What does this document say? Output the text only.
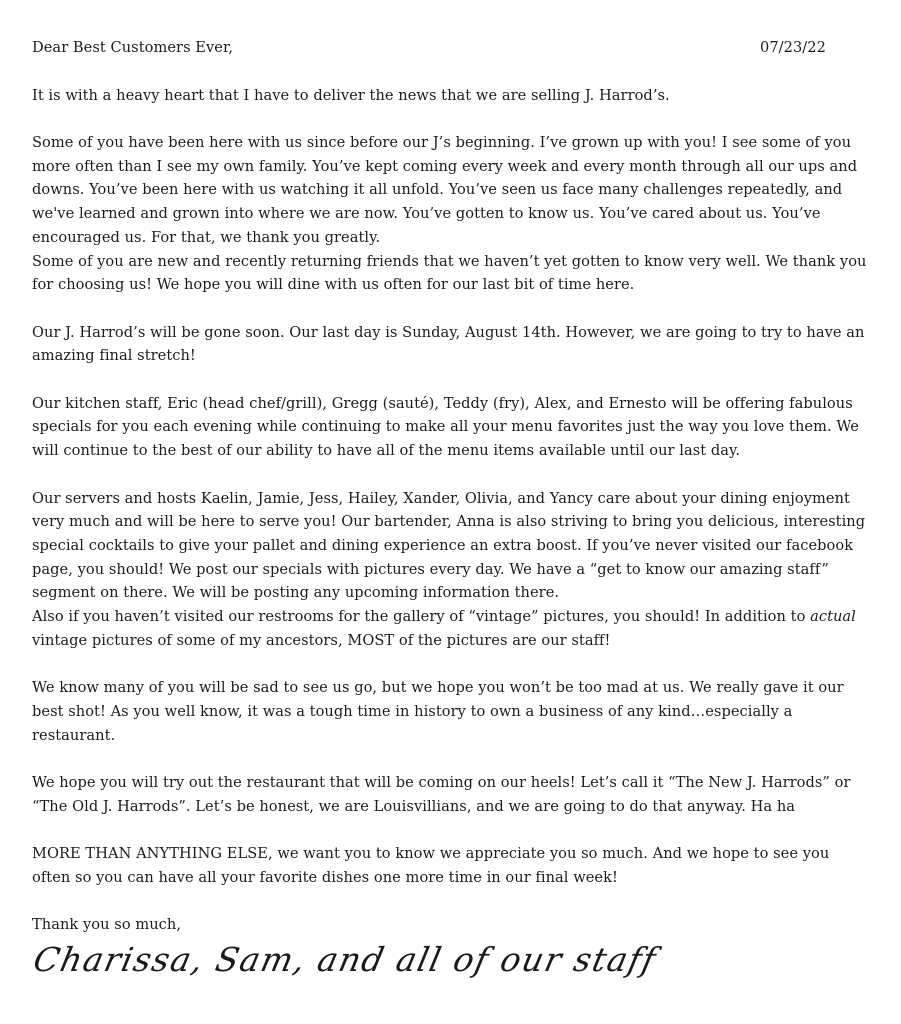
Dear Best Customers Ever,	07/23/22

It is with a heavy heart that I have to deliver the news that we are selling J. Harrod’s.

Some of you have been here with us since before our J’s beginning. I’ve grown up with you! I see some of you more often than I see my own family. You’ve kept coming every week and every month through all our ups and downs. You’ve been here with us watching it all unfold. You’ve seen us face many challenges repeatedly, and we've learned and grown into where we are now. You’ve gotten to know us. You’ve cared about us. You’ve encouraged us. For that, we thank you greatly.

Some of you are new and recently returning friends that we haven’t yet gotten to know very well. We thank you for choosing us! We hope you will dine with us often for our last bit of time here.

Our J. Harrod’s will be gone soon. Our last day is Sunday, August 14th. However, we are going to try to have an amazing final stretch!

Our kitchen staff, Eric (head chef/grill), Gregg (sauté), Teddy (fry), Alex, and Ernesto will be offering fabulous specials for you each evening while continuing to make all your menu favorites just the way you love them. We will continue to the best of our ability to have all of the menu items available until our last day.

Our servers and hosts Kaelin, Jamie, Jess, Hailey, Xander, Olivia, and Yancy care about your dining enjoyment very much and will be here to serve you! Our bartender, Anna is also striving to bring you delicious, interesting special cocktails to give your pallet and dining experience an extra boost. If you’ve never visited our facebook page, you should! We post our specials with pictures every day. We have a “get to know our amazing staff” segment on there. We will be posting any upcoming information there.

Also if you haven’t visited our restrooms for the gallery of “vintage” pictures, you should! In addition to actual vintage pictures of some of my ancestors, MOST of the pictures are our staff!

We know many of you will be sad to see us go, but we hope you won’t be too mad at us. We really gave it our best shot! As you well know, it was a tough time in history to own a business of any kind…especially a restaurant.

We hope you will try out the restaurant that will be coming on our heels! Let’s call it “The New J. Harrods” or “The Old J. Harrods”. Let’s be honest, we are Louisvillians, and we are going to do that anyway. Ha ha

MORE THAN ANYTHING ELSE, we want you to know we appreciate you so much. And we hope to see you often so you can have all your favorite dishes one more time in our final week!

Thank you so much,

Charissa, Sam, and all of our staff
